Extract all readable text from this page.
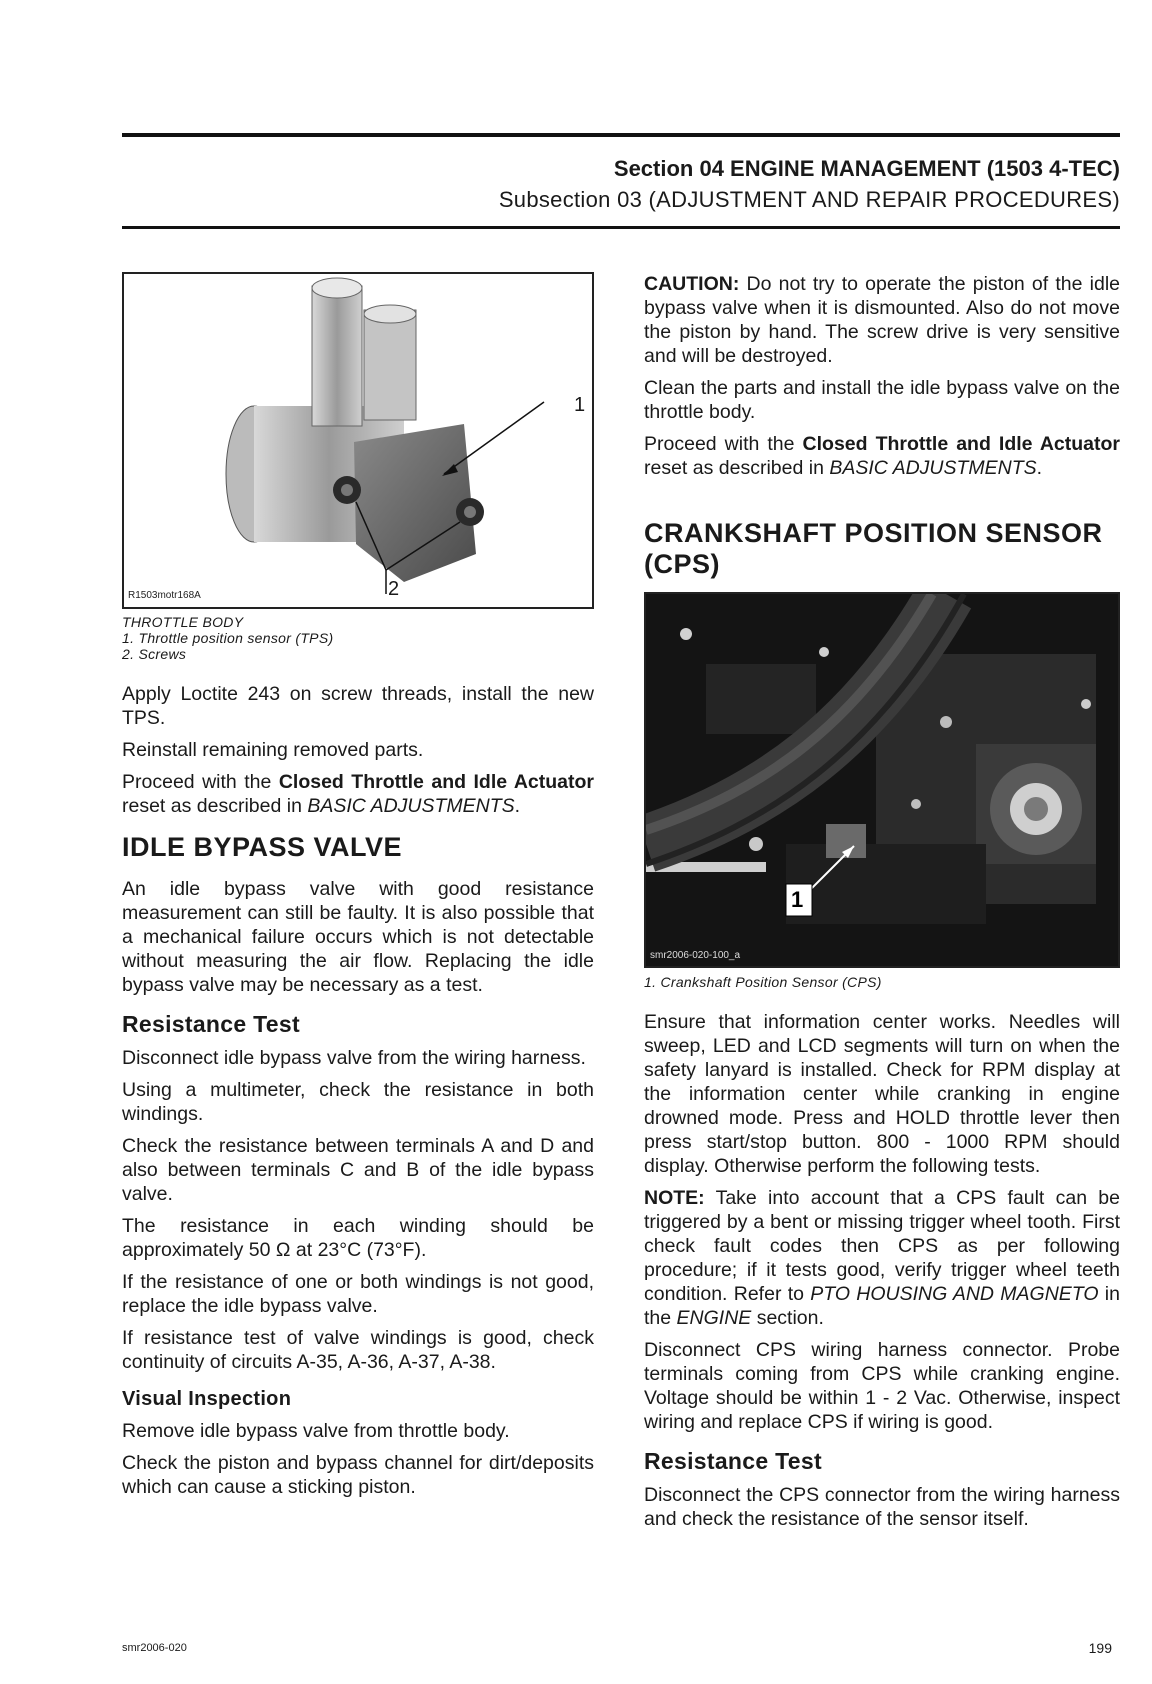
Section 04 ENGINE MANAGEMENT (1503 4-TEC)
Subsection 03 (ADJUSTMENT AND REPAIR PROCEDURES)
1
2
R1503motr168A
THROTTLE BODY
1. Throttle position sensor (TPS)
2. Screws

Apply Loctite 243 on screw threads, install the new TPS.

Reinstall remaining removed parts.

Proceed with the Closed Throttle and Idle Actuator reset as described in BASIC ADJUSTMENTS.

IDLE BYPASS VALVE

An idle bypass valve with good resistance measurement can still be faulty. It is also possible that a mechanical failure occurs which is not detectable without measuring the air flow. Replacing the idle bypass valve may be necessary as a test.

Resistance Test

Disconnect idle bypass valve from the wiring harness.

Using a multimeter, check the resistance in both windings.

Check the resistance between terminals A and D and also between terminals C and B of the idle bypass valve.

The resistance in each winding should be approximately 50 Ω at 23°C (73°F).

If the resistance of one or both windings is not good, replace the idle bypass valve.

If resistance test of valve windings is good, check continuity of circuits A-35, A-36, A-37, A-38.

Visual Inspection

Remove idle bypass valve from throttle body.

Check the piston and bypass channel for dirt/deposits which can cause a sticking piston.

CAUTION: Do not try to operate the piston of the idle bypass valve when it is dismounted. Also do not move the piston by hand. The screw drive is very sensitive and will be destroyed.

Clean the parts and install the idle bypass valve on the throttle body.

Proceed with the Closed Throttle and Idle Actuator reset as described in BASIC ADJUSTMENTS.

CRANKSHAFT POSITION SENSOR (CPS)
1
smr2006-020-100_a
1. Crankshaft Position Sensor (CPS)

Ensure that information center works. Needles will sweep, LED and LCD segments will turn on when the safety lanyard is installed. Check for RPM display at the information center while cranking in engine drowned mode. Press and HOLD throttle lever then press start/stop button. 800 - 1000 RPM should display. Otherwise perform the following tests.

NOTE: Take into account that a CPS fault can be triggered by a bent or missing trigger wheel tooth. First check fault codes then CPS as per following procedure; if it tests good, verify trigger wheel teeth condition. Refer to PTO HOUSING AND MAGNETO in the ENGINE section.

Disconnect CPS wiring harness connector. Probe terminals coming from CPS while cranking engine. Voltage should be within 1 - 2 Vac. Otherwise, inspect wiring and replace CPS if wiring is good.

Resistance Test

Disconnect the CPS connector from the wiring harness and check the resistance of the sensor itself.

smr2006-020	199
